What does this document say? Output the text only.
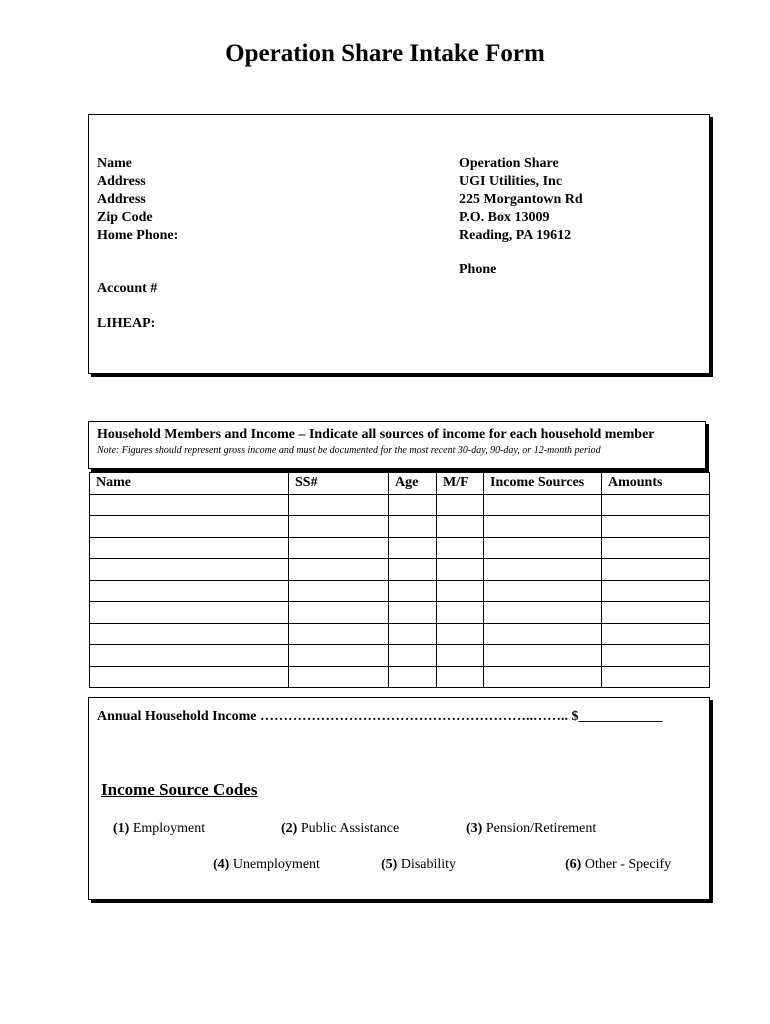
Operation Share Intake Form
Name
Address
Address
Zip Code
Home Phone:
Operation Share
UGI Utilities, Inc
225 Morgantown Rd
P.O. Box 13009
Reading, PA 19612
Phone
Account #
LIHEAP:
Household Members and Income – Indicate all sources of income for each household member
Note: Figures should represent gross income and must be documented for the most recent 30-day, 90-day, or 12-month period
Name	SS#	Age	M/F	Income Sources	Amounts

Annual Household Income …………………………………………………..…….. $____________
Income Source Codes
(1) Employment	(2) Public Assistance	(3) Pension/Retirement
(4) Unemployment	(5) Disability	(6) Other - Specify
